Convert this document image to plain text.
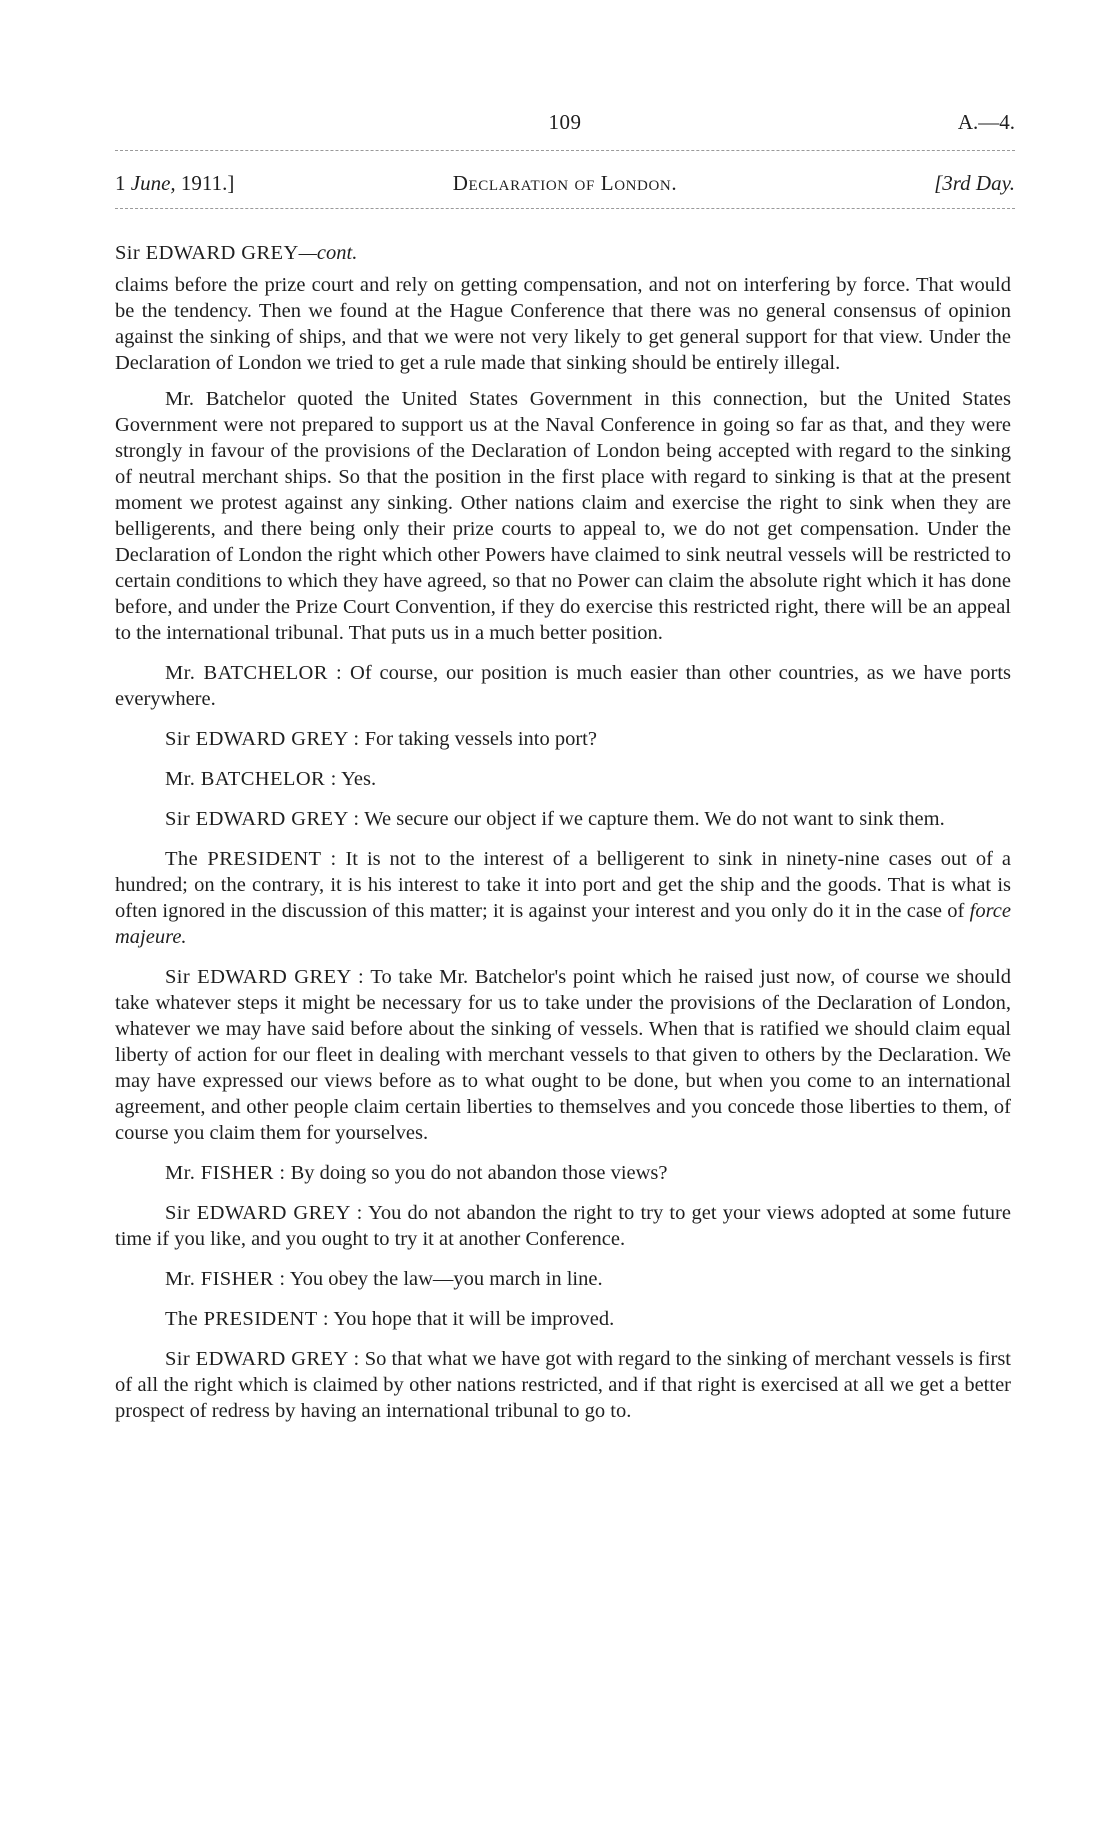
109	A.—4.
1 June, 1911.]	Declaration of London.	[3rd Day.
Sir EDWARD GREY—cont.

claims before the prize court and rely on getting compensation, and not on interfering by force. That would be the tendency. Then we found at the Hague Conference that there was no general consensus of opinion against the sinking of ships, and that we were not very likely to get general support for that view. Under the Declaration of London we tried to get a rule made that sinking should be entirely illegal.

Mr. Batchelor quoted the United States Government in this connection, but the United States Government were not prepared to support us at the Naval Conference in going so far as that, and they were strongly in favour of the provisions of the Declaration of London being accepted with regard to the sinking of neutral merchant ships. So that the position in the first place with regard to sinking is that at the present moment we protest against any sinking. Other nations claim and exercise the right to sink when they are belligerents, and there being only their prize courts to appeal to, we do not get compensation. Under the Declaration of London the right which other Powers have claimed to sink neutral vessels will be restricted to certain conditions to which they have agreed, so that no Power can claim the absolute right which it has done before, and under the Prize Court Convention, if they do exercise this restricted right, there will be an appeal to the international tribunal. That puts us in a much better position.

Mr. BATCHELOR : Of course, our position is much easier than other countries, as we have ports everywhere.

Sir EDWARD GREY : For taking vessels into port?

Mr. BATCHELOR : Yes.

Sir EDWARD GREY : We secure our object if we capture them. We do not want to sink them.

The PRESIDENT : It is not to the interest of a belligerent to sink in ninety-nine cases out of a hundred; on the contrary, it is his interest to take it into port and get the ship and the goods. That is what is often ignored in the discussion of this matter; it is against your interest and you only do it in the case of force majeure.

Sir EDWARD GREY : To take Mr. Batchelor's point which he raised just now, of course we should take whatever steps it might be necessary for us to take under the provisions of the Declaration of London, whatever we may have said before about the sinking of vessels. When that is ratified we should claim equal liberty of action for our fleet in dealing with merchant vessels to that given to others by the Declaration. We may have expressed our views before as to what ought to be done, but when you come to an international agreement, and other people claim certain liberties to themselves and you concede those liberties to them, of course you claim them for yourselves.

Mr. FISHER : By doing so you do not abandon those views?

Sir EDWARD GREY : You do not abandon the right to try to get your views adopted at some future time if you like, and you ought to try it at another Conference.

Mr. FISHER : You obey the law—you march in line.

The PRESIDENT : You hope that it will be improved.

Sir EDWARD GREY : So that what we have got with regard to the sinking of merchant vessels is first of all the right which is claimed by other nations restricted, and if that right is exercised at all we get a better prospect of redress by having an international tribunal to go to.
